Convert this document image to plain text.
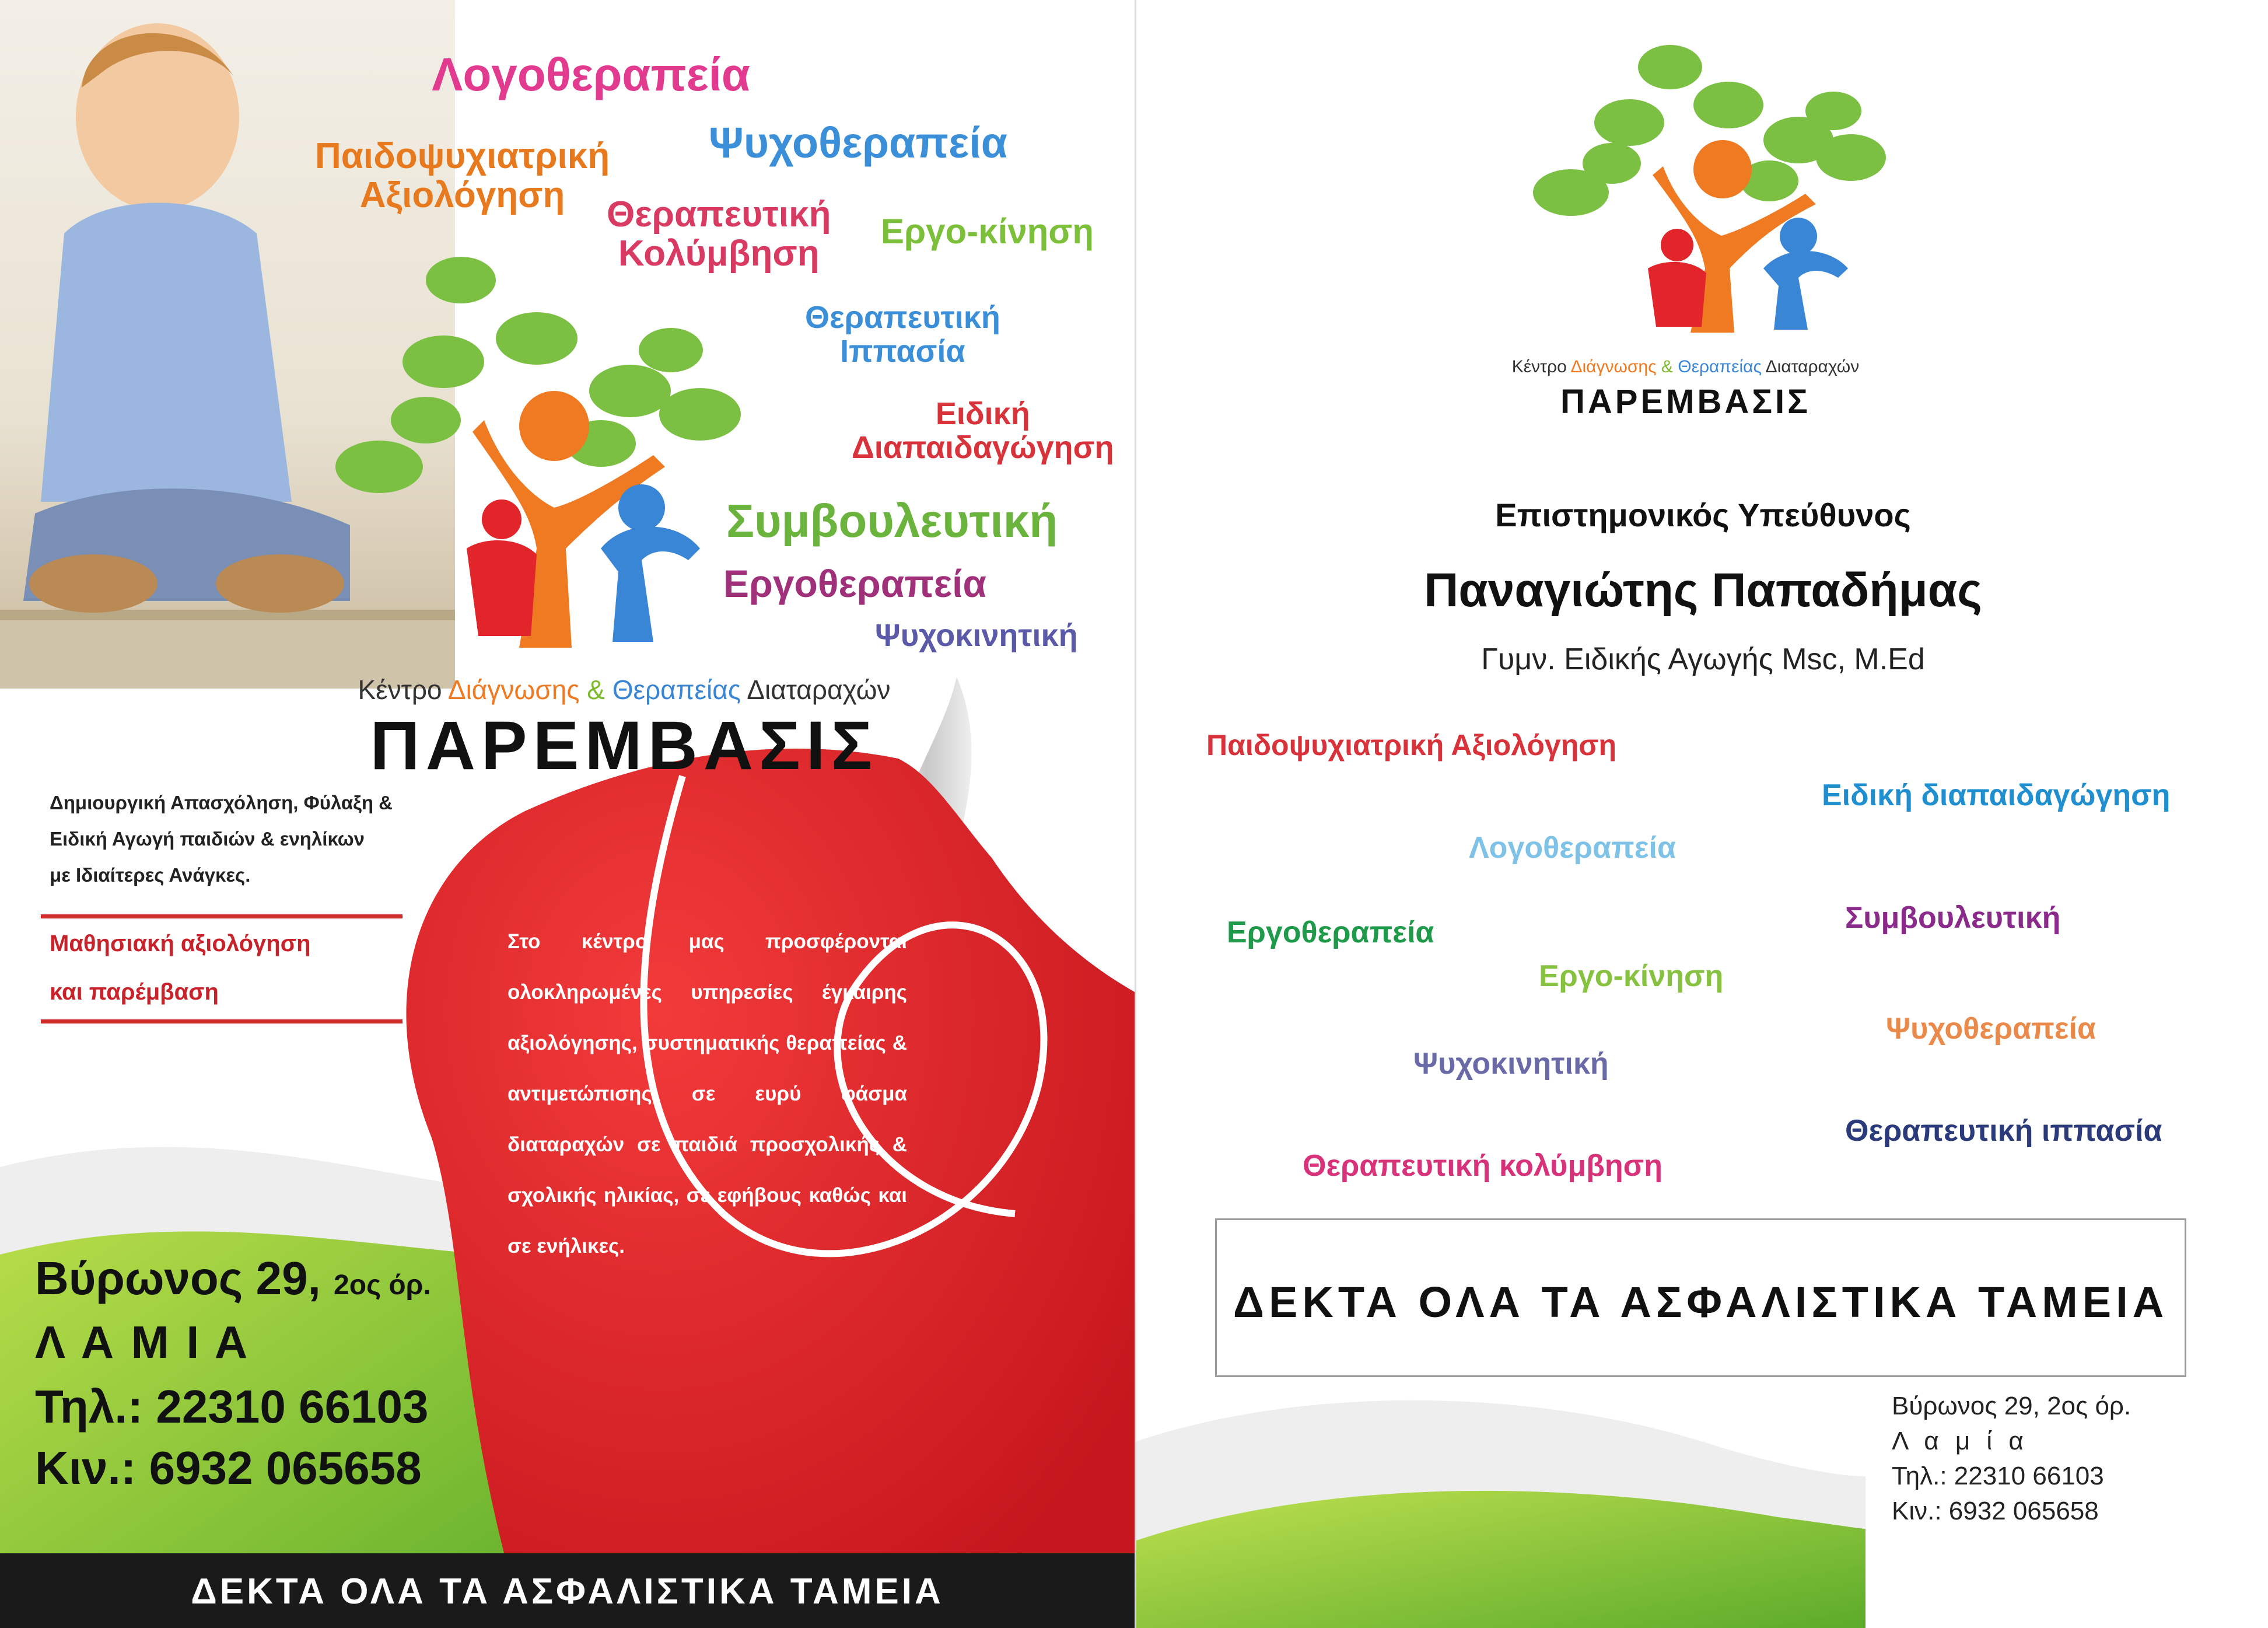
Λογοθεραπεία
Ψυχοθεραπεία
Παιδοψυχιατρική
Αξιολόγηση	Θεραπευτική
Κολύμβηση
Εργο-κίνηση
Θεραπευτική
Ιππασία
Ειδική
Διαπαιδαγώγηση
Συμβουλευτική
Εργοθεραπεία
Ψυχοκινητική
Κέντρο Διάγνωσης & Θεραπείας Διαταραχών
ΠΑΡΕΜΒΑΣΙΣ
Δημιουργική Απασχόληση, Φύλαξη &
Ειδική Αγωγή παιδιών & ενηλίκων
με Ιδιαίτερες Ανάγκες.
Μαθησιακή αξιολόγηση
και παρέμβαση
Στο κέντρο μας προσφέρονται ολοκληρωμένες υπηρεσίες έγκαιρης αξιολόγησης, συστηματικής θεραπείας & αντιμετώπισης σε ευρύ φάσμα διαταραχών σε παιδιά προσχολικής & σχολικής ηλικίας, σε εφήβους καθώς και σε ενήλικες.
Βύρωνος 29, 2ος όρ.
Λ Α Μ Ι Α
Τηλ.: 22310 66103
Κιν.: 6932 065658
ΔΕΚΤΑ ΟΛΑ ΤΑ ΑΣΦΑΛΙΣΤΙΚΑ ΤΑΜΕΙΑ
Κέντρο Διάγνωσης & Θεραπείας Διαταραχών
ΠΑΡΕΜΒΑΣΙΣ
Επιστημονικός Υπεύθυνος
Παναγιώτης Παπαδήμας
Γυμν. Ειδικής Αγωγής Msc, M.Ed
Παιδοψυχιατρική Αξιολόγηση
Ειδική διαπαιδαγώγηση
Λογοθεραπεία
Εργοθεραπεία	Συμβουλευτική
Εργο-κίνηση
Ψυχοθεραπεία
Ψυχοκινητική
Θεραπευτική ιππασία
Θεραπευτική κολύμβηση
ΔΕΚΤΑ ΟΛΑ ΤΑ ΑΣΦΑΛΙΣΤΙΚΑ ΤΑΜΕΙΑ
Βύρωνος 29, 2ος όρ.
Λ α μ ί α
Τηλ.: 22310 66103
Κιν.: 6932 065658
